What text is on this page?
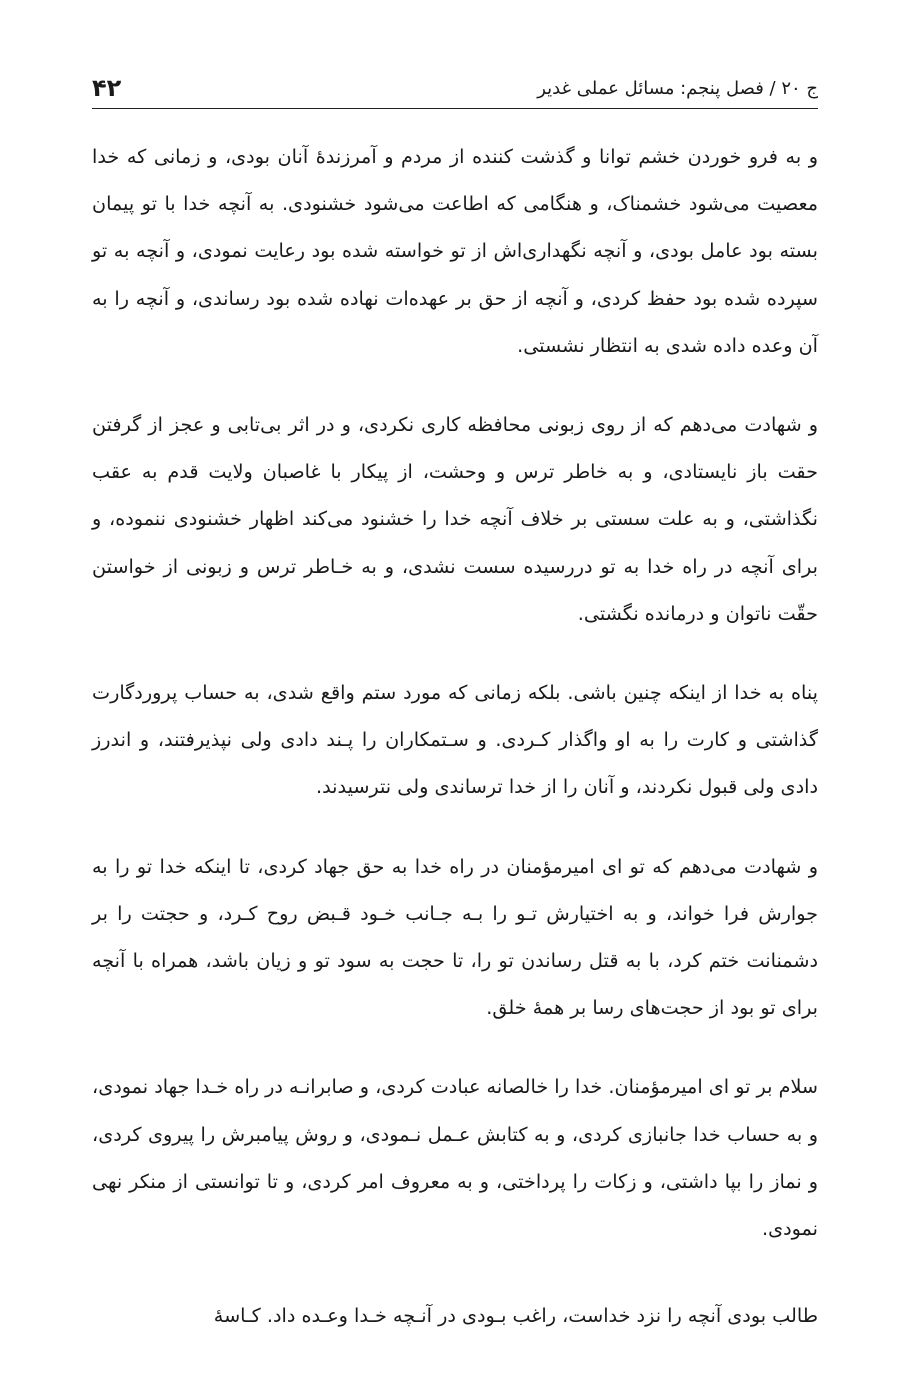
ج ۲۰ / فصل پنجم: مسائل عملی غدیر
۴۲

و به فرو خوردن خشم توانا و گذشت کننده از مردم و آمرزندۀ آنان بودی، و زمانی که خدا معصیت می‌شود خشمناک، و هنگامی که اطاعت می‌شود خشنودی. به آنچه خدا با تو پیمان بسته بود عامل بودی، و آنچه نگهداری‌اش از تو خواسته شده بود رعایت نمودی، و آنچه به تو سپرده شده بود حفظ کردی، و آنچه از حق بر عهده‌ات نهاده شده بود رساندی، و آنچه را به آن وعده داده شدی به انتظار نشستی.

و شهادت می‌دهم که از روی زبونی محافظه کاری نکردی، و در اثر بی‌تابی و عجز از گرفتن حقت باز نایستادی، و به خاطر ترس و وحشت، از پیکار با غاصبان ولایت قدم به عقب نگذاشتی، و به علت سستی بر خلاف آنچه خدا را خشنود می‌کند اظهار خشنودی ننموده، و برای آنچه در راه خدا به تو دررسیده سست نشدی، و به خـاطر ترس و زبونی از خواستن حقّت ناتوان و درمانده نگشتی.

پناه به خدا از اینکه چنین باشی. بلکه زمانی که مورد ستم واقع شدی، به حساب پروردگارت گذاشتی و کارت را به او واگذار کـردی. و سـتمکاران را پـند دادی ولی نپذیرفتند، و اندرز دادی ولی قبول نکردند، و آنان را از خدا ترساندی ولی نترسیدند.

و شهادت می‌دهم که تو ای امیرمؤمنان در راه خدا به حق جهاد کردی، تا اینکه خدا تو را به جوارش فرا خواند، و به اختیارش تـو را بـه جـانب خـود قـبض روح کـرد، و حجتت را بر دشمنانت ختم کرد، با به قتل رساندن تو را، تا حجت به سود تو و زیان باشد، همراه با آنچه برای تو بود از حجت‌های رسا بر همۀ خلق.

سلام بر تو ای امیرمؤمنان. خدا را خالصانه عبادت کردی، و صابرانـه در راه خـدا جهاد نمودی، و به حساب خدا جانبازی کردی، و به کتابش عـمل نـمودی، و روش پیامبرش را پیروی کردی، و نماز را بپا داشتی، و زکات را پرداختی، و به معروف امر کردی، و تا توانستی از منکر نهی نمودی.

طالب بودی آنچه را نزد خداست، راغب بـودی در آنـچه خـدا وعـده داد. کـاسۀ
